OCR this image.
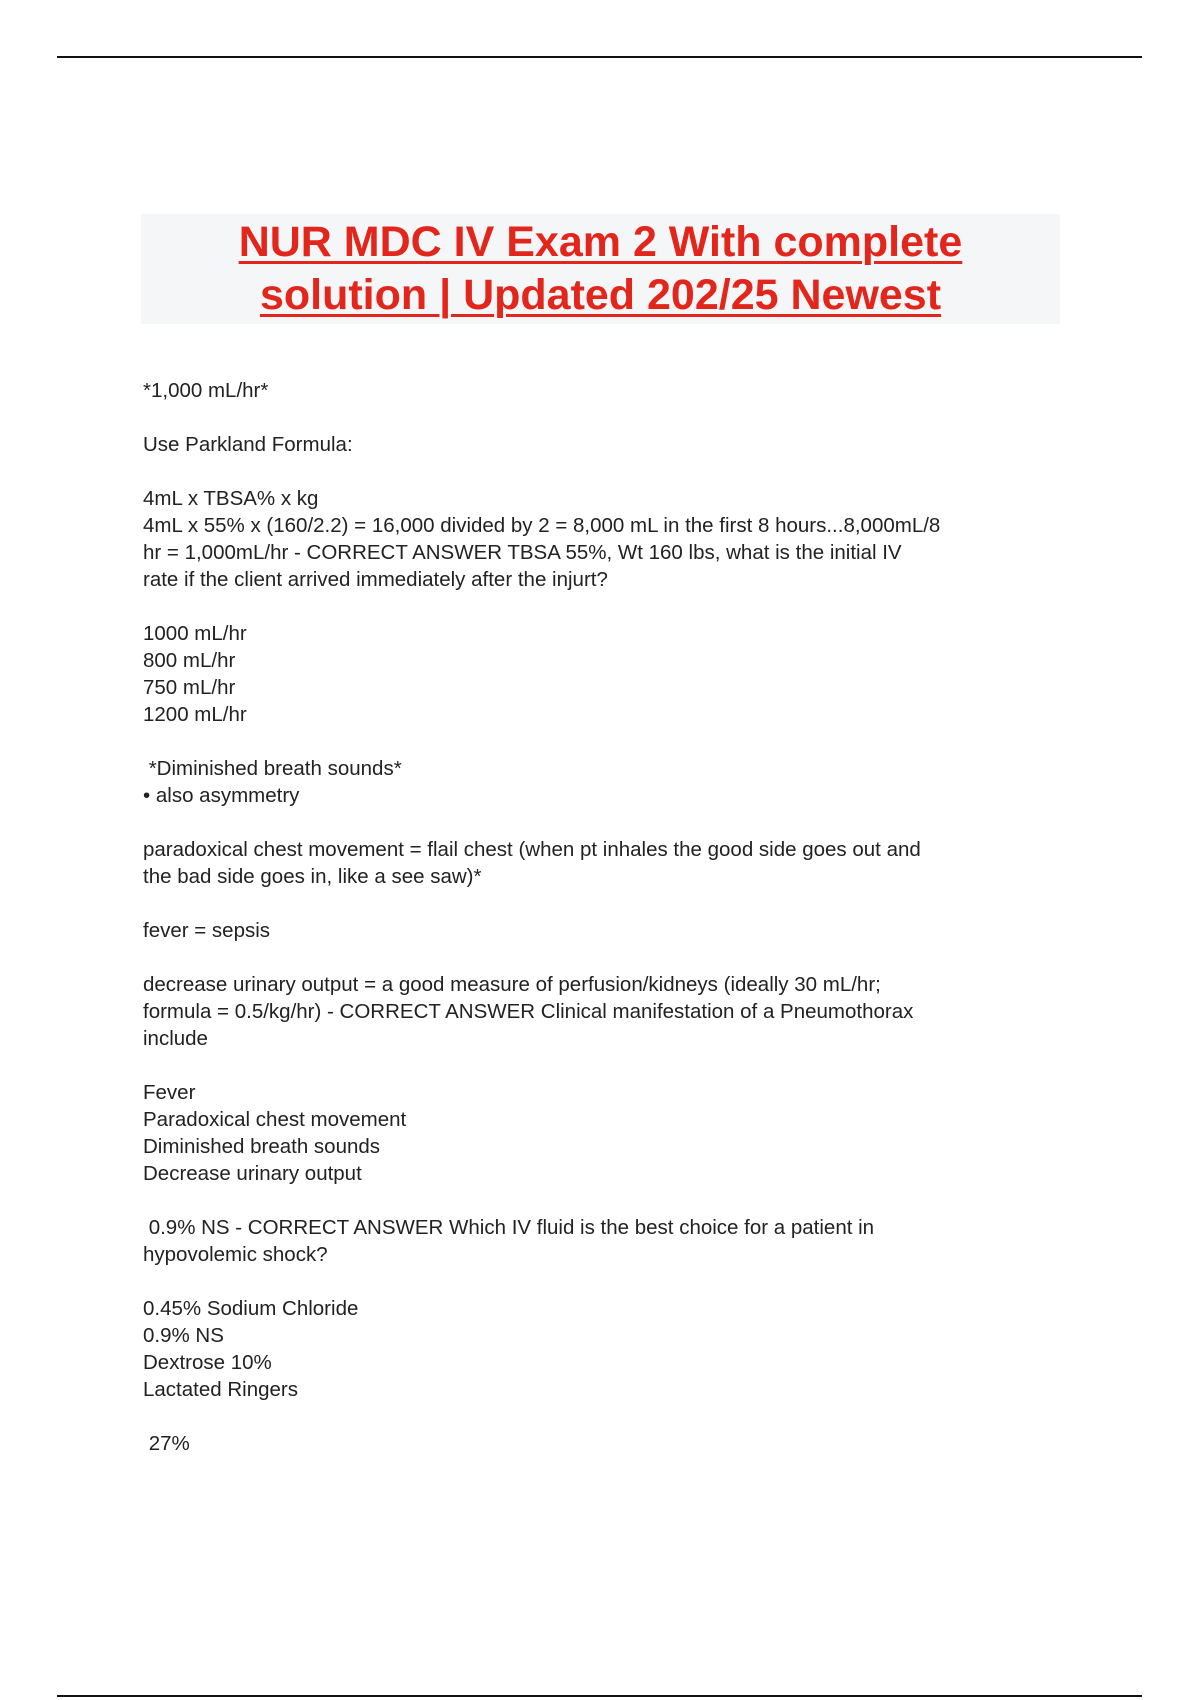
NUR MDC IV Exam 2 With complete
solution | Updated 202/25 Newest
*1,000 mL/hr*
Use Parkland Formula:
4mL x TBSA% x kg
4mL x 55% x (160/2.2) = 16,000 divided by 2 = 8,000 mL in the first 8 hours...8,000mL/8
hr = 1,000mL/hr - CORRECT ANSWER TBSA 55%, Wt 160 lbs, what is the initial IV
rate if the client arrived immediately after the injurt?
1000 mL/hr
800 mL/hr
750 mL/hr
1200 mL/hr
*Diminished breath sounds*
• also asymmetry
paradoxical chest movement = flail chest (when pt inhales the good side goes out and
the bad side goes in, like a see saw)*
fever = sepsis
decrease urinary output = a good measure of perfusion/kidneys (ideally 30 mL/hr;
formula = 0.5/kg/hr) - CORRECT ANSWER Clinical manifestation of a Pneumothorax
include
Fever
Paradoxical chest movement
Diminished breath sounds
Decrease urinary output
0.9% NS - CORRECT ANSWER Which IV fluid is the best choice for a patient in
hypovolemic shock?
0.45% Sodium Chloride
0.9% NS
Dextrose 10%
Lactated Ringers
27%
